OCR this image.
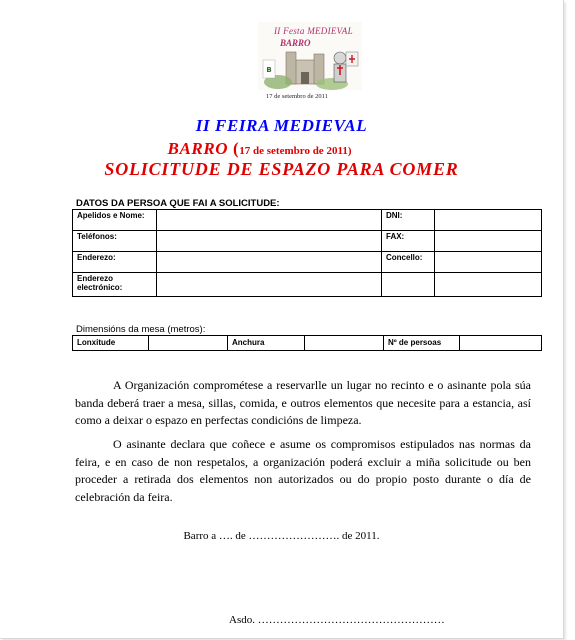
B
II Festa MEDIEVAL
BARRO
17 de setembro de 2011
II FEIRA MEDIEVAL
BARRO (17 de setembro de 2011)
SOLICITUDE DE ESPAZO PARA COMER
DATOS DA PERSOA QUE FAI A SOLICITUDE:
Apelidos e Nome:		DNI:	
Teléfonos:		FAX:	
Enderezo:		Concello:	
Enderezo electrónico:			
Dimensións da mesa (metros):
Lonxitude		Anchura		Nº de persoas	
A Organización comprométese a reservarlle un lugar no recinto e o asinante pola súa banda deberá traer a mesa, sillas, comida, e outros elementos que necesite para a estancia, así como a deixar o espazo en perfectas condicións de limpeza.
O asinante declara que coñece e asume os compromisos estipulados nas normas da feira, e en caso de non respetalos, a organización poderá excluir a miña solicitude ou ben proceder a retirada dos elementos non autorizados ou do propio posto durante o día de celebración da feira.
Barro a …. de ……………………. de 2011.
Asdo. ……………………………………………
